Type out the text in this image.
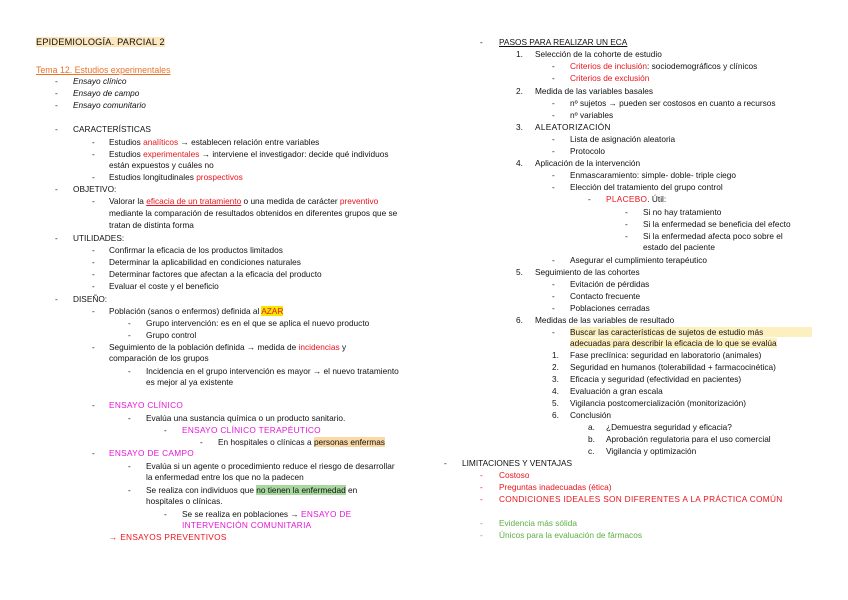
EPIDEMIOLOGÍA. PARCIAL 2
Tema 12. Estudios experimentales
- Ensayo clínico
- Ensayo de campo
- Ensayo comunitario
- CARACTERÍSTICAS
- Estudios analíticos → establecen relación entre variables
- Estudios experimentales → interviene el investigador: decide qué individuos
están expuestos y cuáles no
- Estudios longitudinales prospectivos
- OBJETIVO:
- Valorar la eficacia de un tratamiento o una medida de carácter preventivo
mediante la comparación de resultados obtenidos en diferentes grupos que se
tratan de distinta forma
- UTILIDADES:
- Confirmar la eficacia de los productos limitados
- Determinar la aplicabilidad en condiciones naturales
- Determinar factores que afectan a la eficacia del producto
- Evaluar el coste y el beneficio
- DISEÑO:
- Población (sanos o enfermos) definida al AZAR
- Grupo intervención: es en el que se aplica el nuevo producto
- Grupo control
- Seguimiento de la población definida → medida de incidencias y
comparación de los grupos
- Incidencia en el grupo intervención es mayor → el nuevo tratamiento
es mejor al ya existente
- ENSAYO CLÍNICO
- Evalúa una sustancia química o un producto sanitario.
- ENSAYO CLÍNICO TERAPÉUTICO
- En hospitales o clínicas a personas enfermas
- ENSAYO DE CAMPO
- Evalúa si un agente o procedimiento reduce el riesgo de desarrollar
la enfermedad entre los que no la padecen
- Se realiza con individuos que no tienen la enfermedad en
hospitales o clínicas.
- Se se realiza en poblaciones → ENSAYO DE
INTERVENCIÓN COMUNITARIA
→ ENSAYOS PREVENTIVOS
- PASOS PARA REALIZAR UN ECA
1. Selección de la cohorte de estudio
- Criterios de inclusión: sociodemográficos y clínicos
- Criterios de exclusión
2. Medida de las variables basales
- nº sujetos → pueden ser costosos en cuanto a recursos
- nº variables
3. ALEATORIZACIÓN
- Lista de asignación aleatoria
- Protocolo
4. Aplicación de la intervención
- Enmascaramiento: simple- doble- triple ciego
- Elección del tratamiento del grupo control
- PLACEBO. Útil:
- Si no hay tratamiento
- Si la enfermedad se beneficia del efecto
- Si la enfermedad afecta poco sobre el
estado del paciente
- Asegurar el cumplimiento terapéutico
5. Seguimiento de las cohortes
- Evitación de pérdidas
- Contacto frecuente
- Poblaciones cerradas
6. Medidas de las variables de resultado
- Buscar las características de sujetos de estudio más
adecuadas para describir la eficacia de lo que se evalúa
1. Fase preclínica: seguridad en laboratorio (animales)
2. Seguridad en humanos (tolerabilidad + farmacocinética)
3. Eficacia y seguridad (efectividad en pacientes)
4. Evaluación a gran escala
5. Vigilancia postcomercialización (monitorización)
6. Conclusión
a. ¿Demuestra seguridad y eficacia?
b. Aprobación regulatoria para el uso comercial
c. Vigilancia y optimización
- LIMITACIONES Y VENTAJAS
- Costoso
- Preguntas inadecuadas (ética)
- CONDICIONES IDEALES SON DIFERENTES A LA PRÁCTICA COMÚN
- Evidencia más sólida
- Únicos para la evaluación de fármacos
